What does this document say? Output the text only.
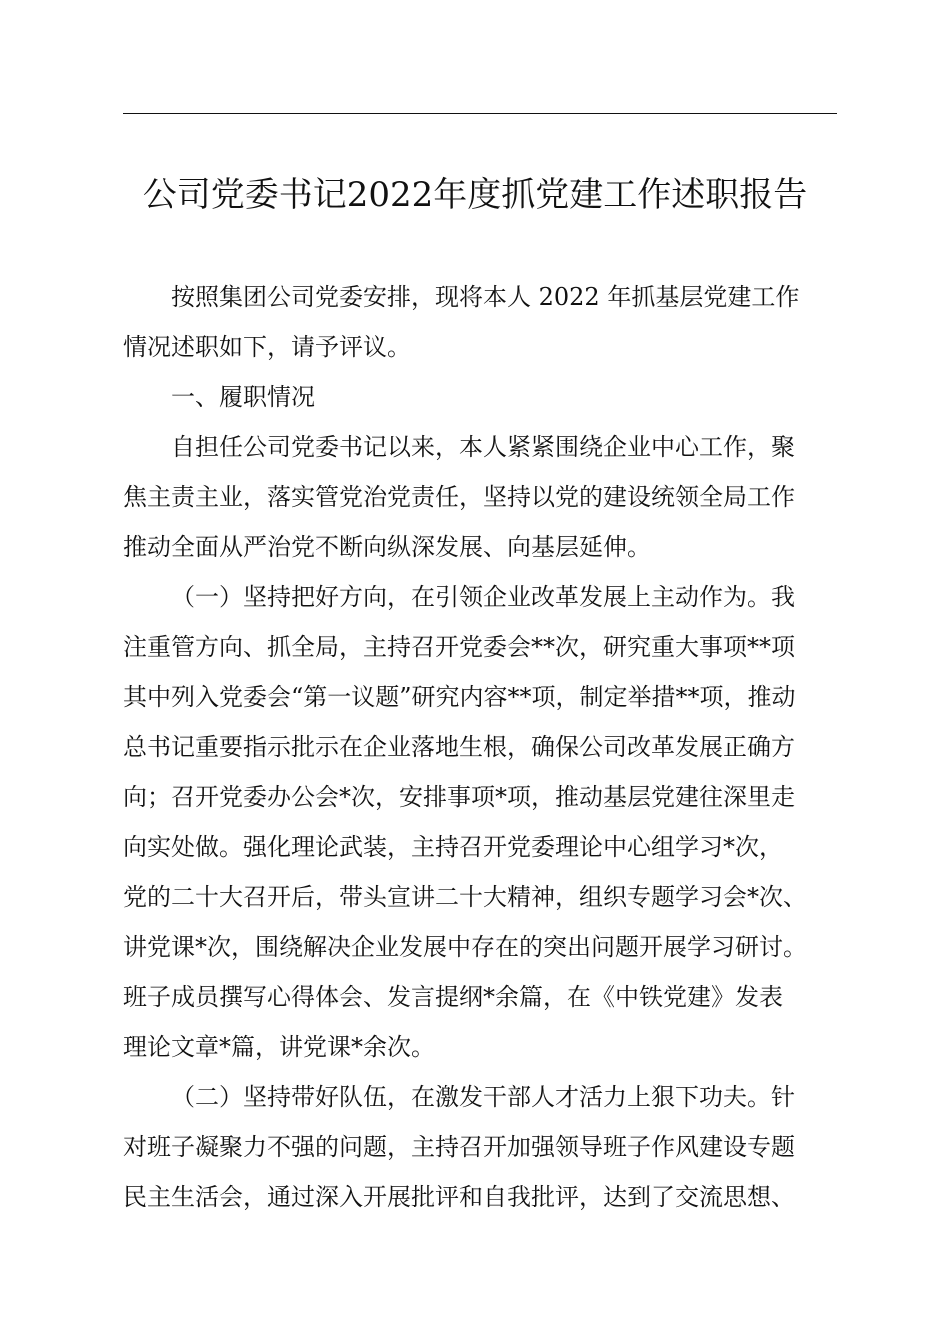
公司党委书记2022年度抓党建工作述职报告

按照集团公司党委安排，现将本人 2022 年抓基层党建工作
情况述职如下，请予评议。

一、履职情况

自担任公司党委书记以来，本人紧紧围绕企业中心工作，聚
焦主责主业，落实管党治党责任，坚持以党的建设统领全局工作
推动全面从严治党不断向纵深发展、向基层延伸。

（一）坚持把好方向，在引领企业改革发展上主动作为。我
注重管方向、抓全局，主持召开党委会**次，研究重大事项**项
其中列入党委会“第一议题”研究内容**项，制定举措**项，推动
总书记重要指示批示在企业落地生根，确保公司改革发展正确方
向；召开党委办公会*次，安排事项*项，推动基层党建往深里走
向实处做。强化理论武装，主持召开党委理论中心组学习*次，
党的二十大召开后，带头宣讲二十大精神，组织专题学习会*次、
讲党课*次，围绕解决企业发展中存在的突出问题开展学习研讨。
班子成员撰写心得体会、发言提纲*余篇，在《中铁党建》发表
理论文章*篇，讲党课*余次。

（二）坚持带好队伍，在激发干部人才活力上狠下功夫。针
对班子凝聚力不强的问题，主持召开加强领导班子作风建设专题
民主生活会，通过深入开展批评和自我批评，达到了交流思想、
